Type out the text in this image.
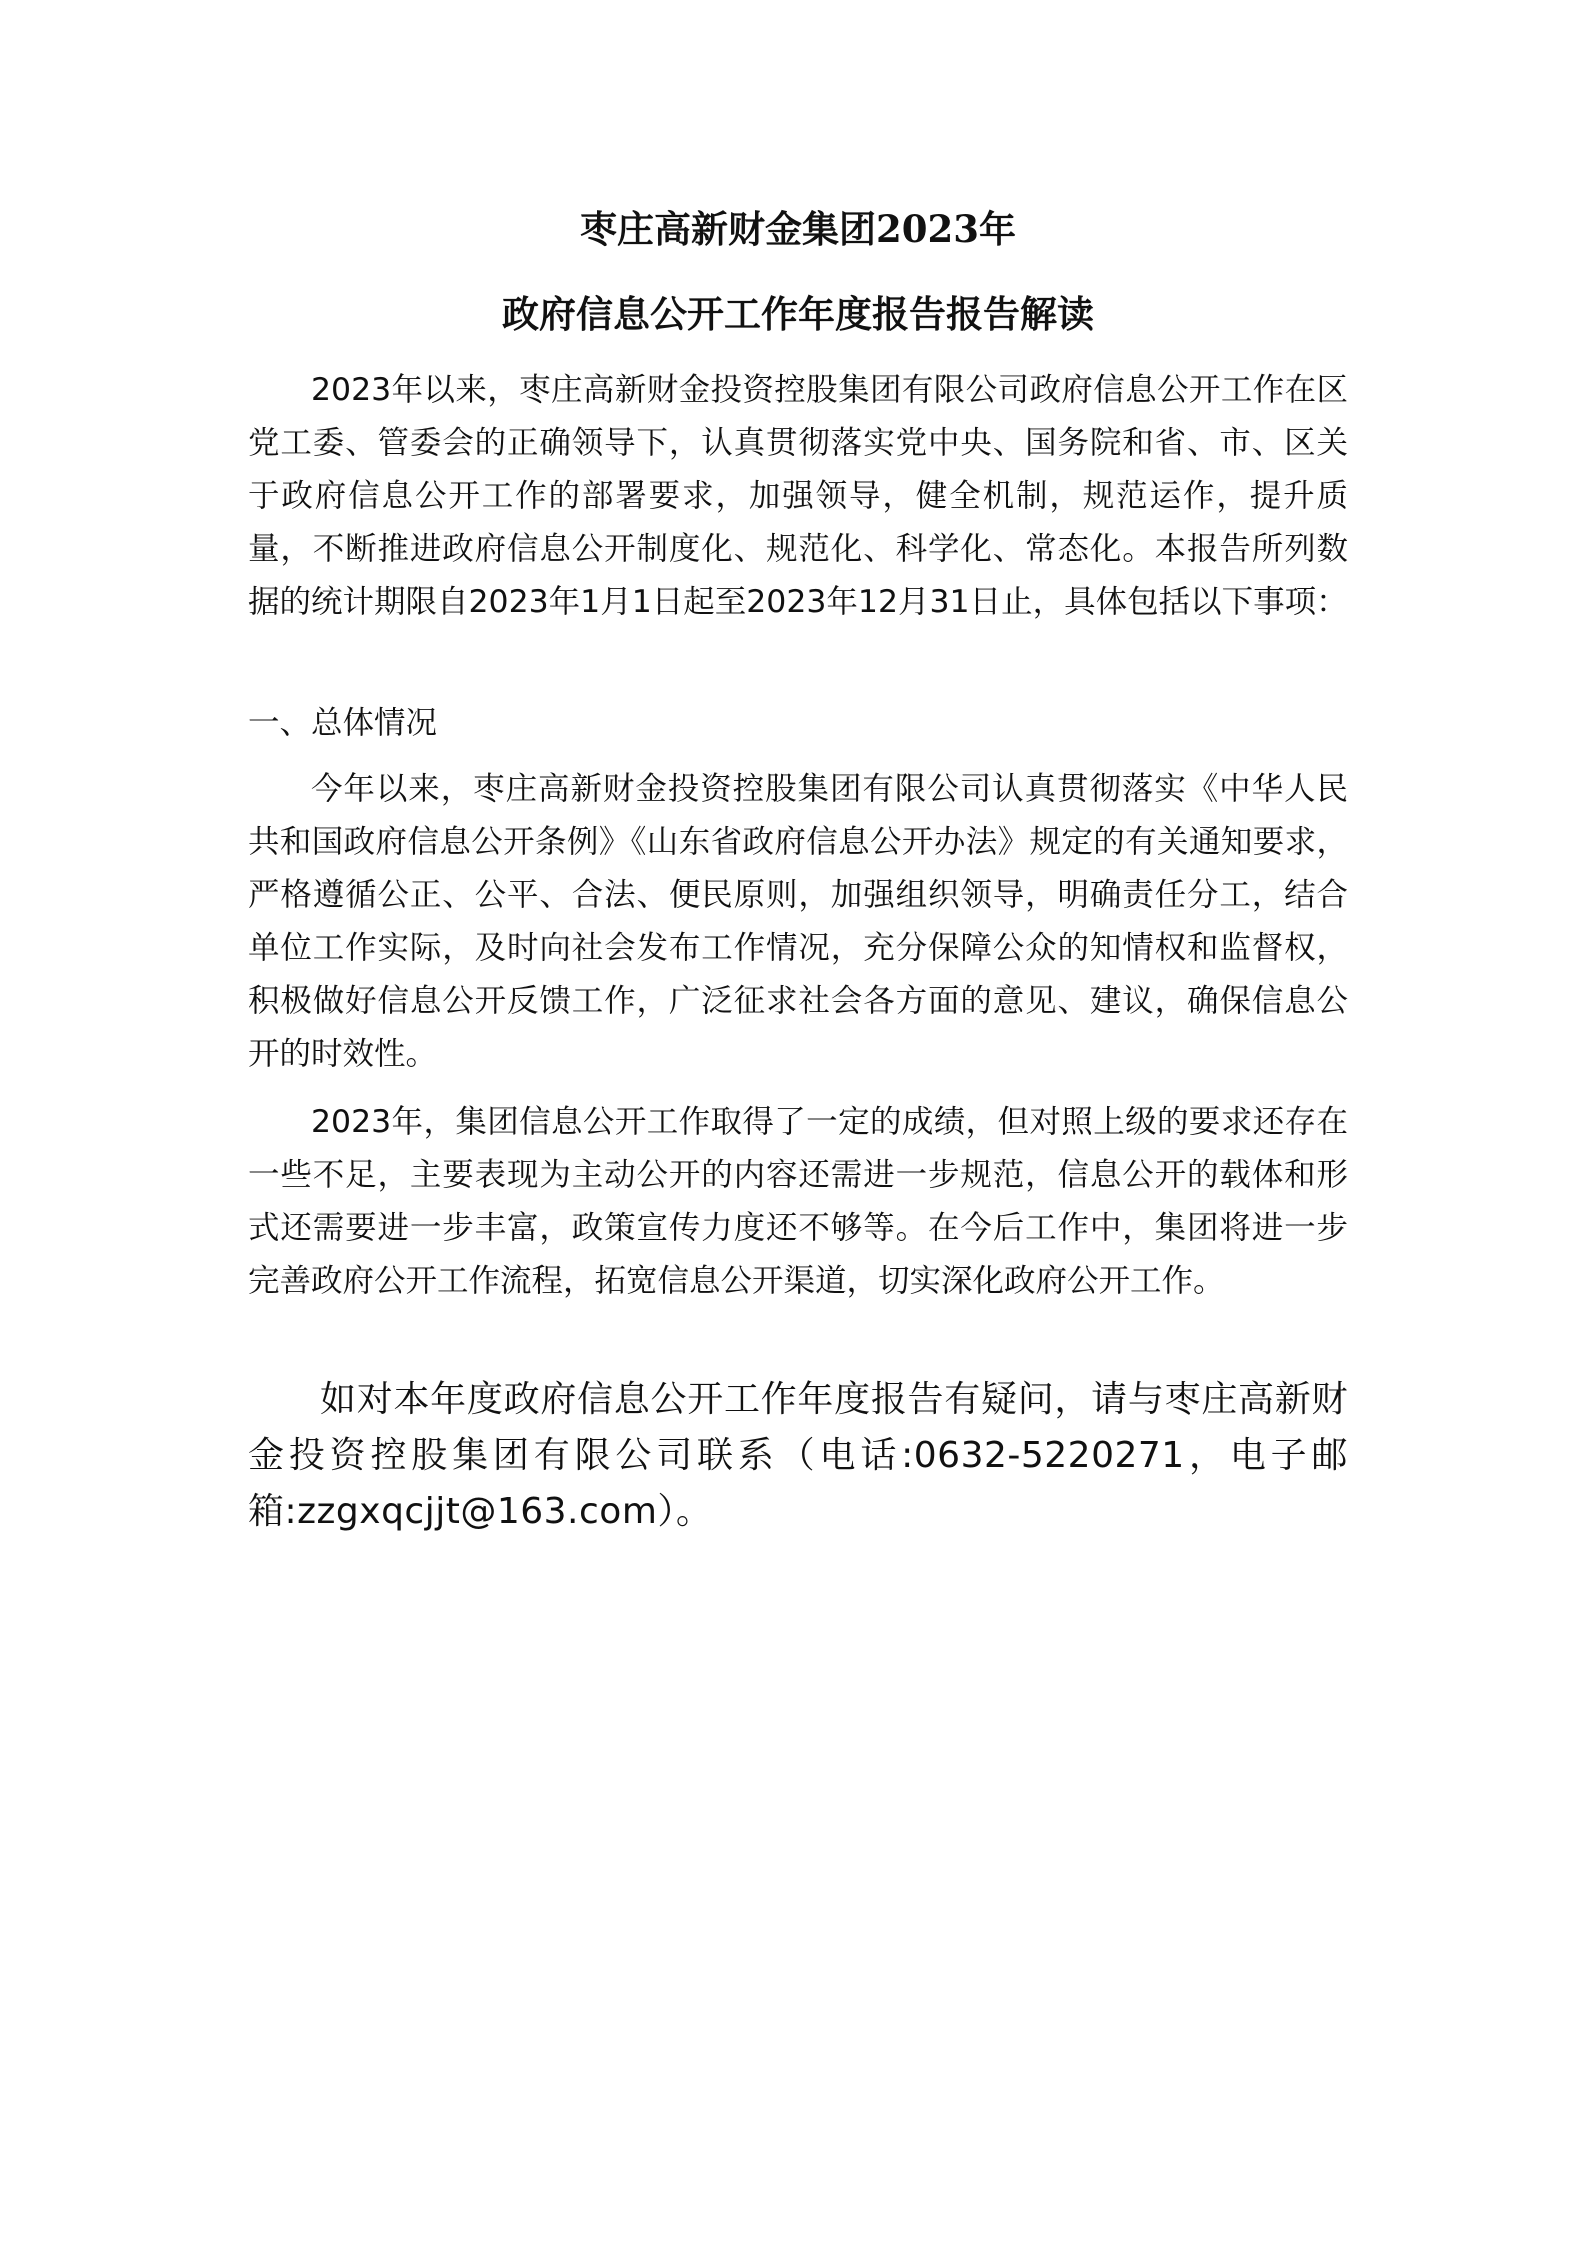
枣庄高新财金集团2023年
政府信息公开工作年度报告报告解读

2023年以来，枣庄高新财金投资控股集团有限公司政府信息公开工作在区党工委、管委会的正确领导下，认真贯彻落实党中央、国务院和省、市、区关于政府信息公开工作的部署要求，加强领导，健全机制，规范运作，提升质量，不断推进政府信息公开制度化、规范化、科学化、常态化。本报告所列数据的统计期限自2023年1月1日起至2023年12月31日止，具体包括以下事项：

一、总体情况

今年以来，枣庄高新财金投资控股集团有限公司认真贯彻落实《中华人民共和国政府信息公开条例》《山东省政府信息公开办法》规定的有关通知要求，严格遵循公正、公平、合法、便民原则，加强组织领导，明确责任分工，结合单位工作实际，及时向社会发布工作情况，充分保障公众的知情权和监督权，积极做好信息公开反馈工作，广泛征求社会各方面的意见、建议，确保信息公开的时效性。

2023年，集团信息公开工作取得了一定的成绩，但对照上级的要求还存在一些不足，主要表现为主动公开的内容还需进一步规范，信息公开的载体和形式还需要进一步丰富，政策宣传力度还不够等。在今后工作中，集团将进一步完善政府公开工作流程，拓宽信息公开渠道，切实深化政府公开工作。

如对本年度政府信息公开工作年度报告有疑问，请与枣庄高新财金投资控股集团有限公司联系（电话:0632-5220271，电子邮箱:zzgxqcjjt@163.com）。
